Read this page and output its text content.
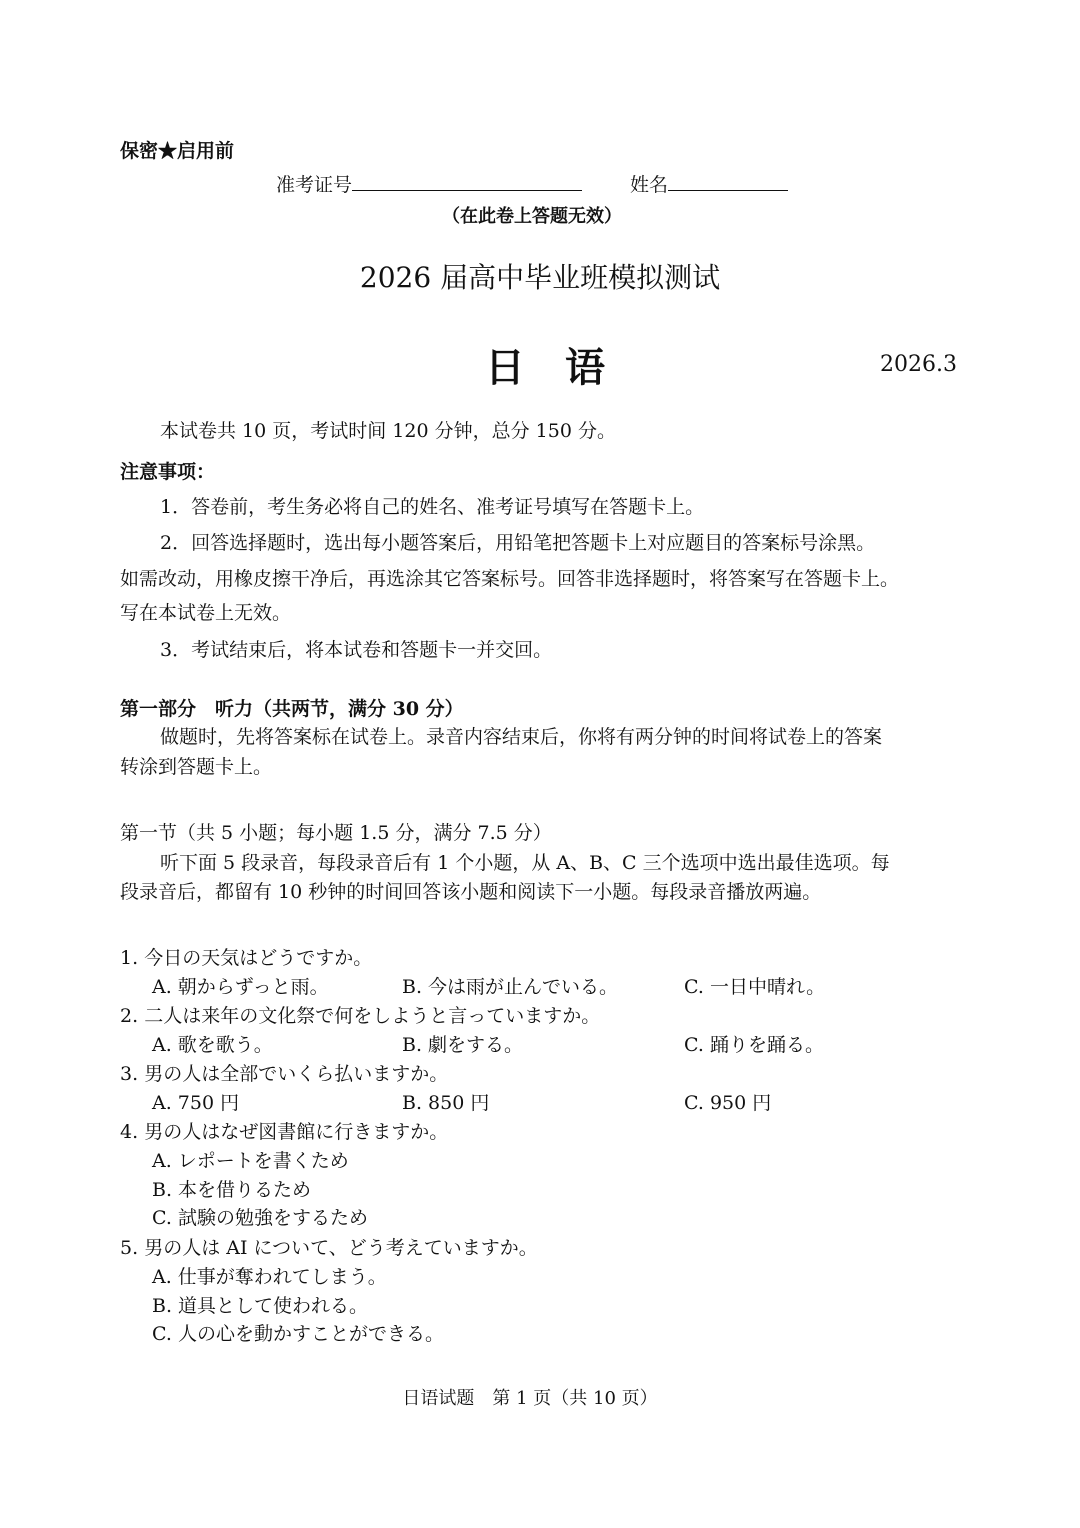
保密★启用前
准考证号	姓名
（在此卷上答题无效）
2026 届高中毕业班模拟测试
日　语	2026.3
本试卷共 10 页，考试时间 120 分钟，总分 150 分。
注意事项：
1．答卷前，考生务必将自己的姓名、准考证号填写在答题卡上。
2．回答选择题时，选出每小题答案后，用铅笔把答题卡上对应题目的答案标号涂黑。
如需改动，用橡皮擦干净后，再选涂其它答案标号。回答非选择题时，将答案写在答题卡上。
写在本试卷上无效。
3．考试结束后，将本试卷和答题卡一并交回。
第一部分　听力（共两节，满分 30 分）
做题时，先将答案标在试卷上。录音内容结束后，你将有两分钟的时间将试卷上的答案
转涂到答题卡上。
第一节（共 5 小题；每小题 1.5 分，满分 7.5 分）
听下面 5 段录音，每段录音后有 1 个小题，从 A、B、C 三个选项中选出最佳选项。每
段录音后，都留有 10 秒钟的时间回答该小题和阅读下一小题。每段录音播放两遍。
1. 今日の天気はどうですか。
A. 朝からずっと雨。	B. 今は雨が止んでいる。	C. 一日中晴れ。
2. 二人は来年の文化祭で何をしようと言っていますか。
A. 歌を歌う。	B. 劇をする。	C. 踊りを踊る。
3. 男の人は全部でいくら払いますか。
A. 750 円	B. 850 円	C. 950 円
4. 男の人はなぜ図書館に行きますか。
A. レポートを書くため
B. 本を借りるため
C. 試験の勉強をするため
5. 男の人は AI について、どう考えていますか。
A. 仕事が奪われてしまう。
B. 道具として使われる。
C. 人の心を動かすことができる。
日语试题　第 1 页（共 10 页）
